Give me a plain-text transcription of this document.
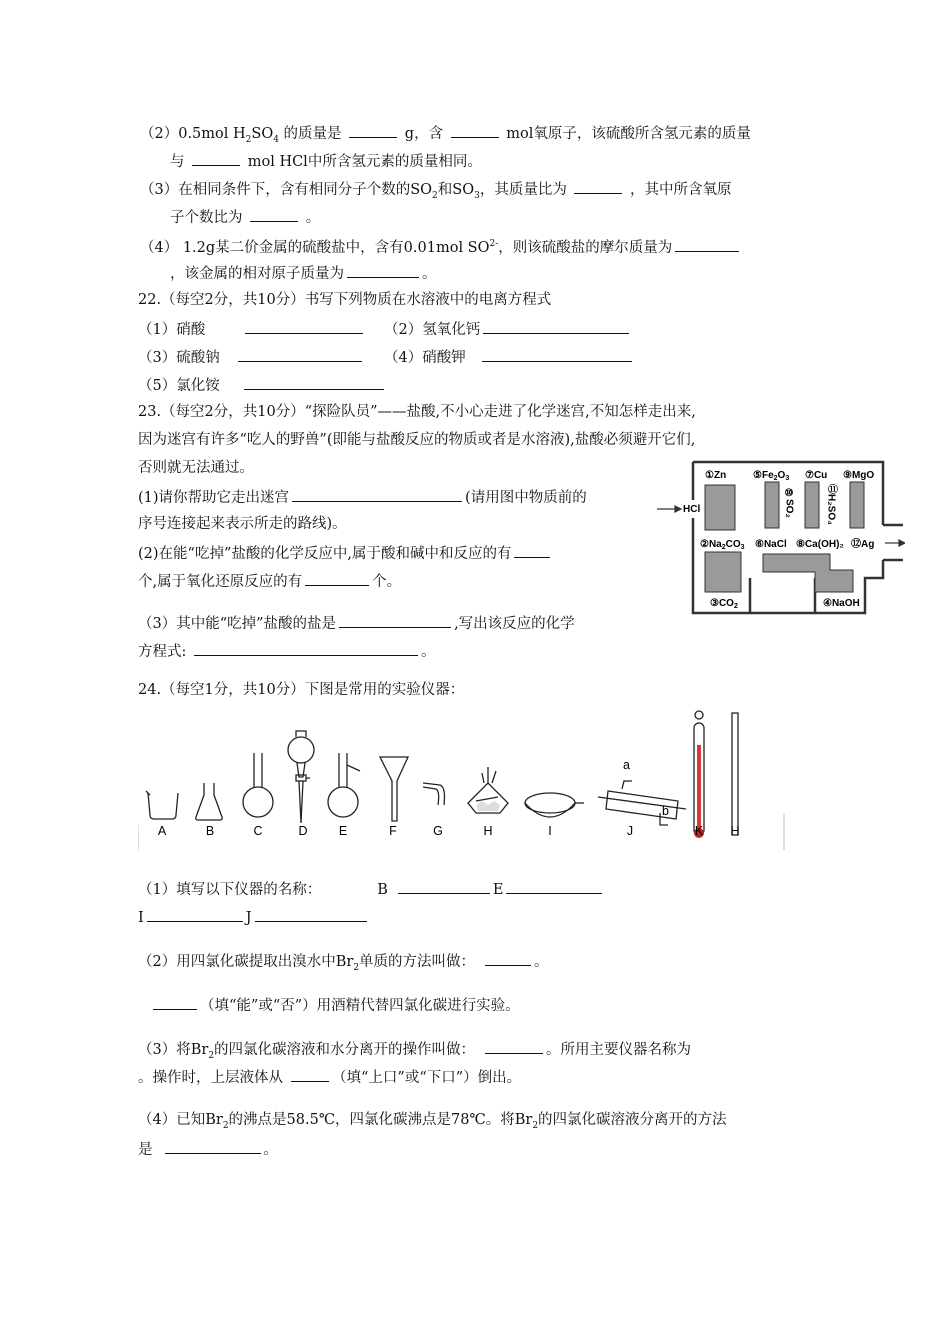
（2）0.5mol $H_2SO_4$ 的质量是	g，含	mol氧原子，该硫酸所含氢元素的质量
与	mol HCl中所含氢元素的质量相同。
（3）在相同条件下，含有相同分子个数的$SO_2$和$SO_3$，其质量比为	，其中所含氧原
子个数比为	。
（4） 1.2g某二价金属的硫酸盐中，含有0.01mol $SO^{2-}$，则该硫酸盐的摩尔质量为
，该金属的相对原子质量为	。
22.（每空2分，共10分）书写下列物质在水溶液中的电离方程式
（1）硝酸	（2）氢氧化钙
（3）硫酸钠	（4）硝酸钾
（5）氯化铵
23.（每空2分，共10分）“探险队员”——盐酸,不小心走进了化学迷宫,不知怎样走出来,
因为迷宫有许多“吃人的野兽”(即能与盐酸反应的物质或者是水溶液),盐酸必须避开它们,
否则就无法通过。
(1)请你帮助它走出迷宫	(请用图中物质前的
序号连接起来表示所走的路线)。
(2)在能“吃掉”盐酸的化学反应中,属于酸和碱中和反应的有
个,属于氧化还原反应的有	个。
（3）其中能“吃掉”盐酸的盐是	,写出该反应的化学
方程式:	。
HCl
①Zn	$⑤Fe_2O_3$ ⑦Cu ⑨MgO
⑩SO₂	⑪H₂SO₄
$②Na_2CO_3$ ⑥NaCl ⑧Ca(OH)₂ ⑫Ag
$③CO_2$	④NaOH
24.（每空1分，共10分）下图是常用的实验仪器：
a
b
A	B	C	D	E	F	G	H	I	J	K H
（1）填写以下仪器的名称：	B	E
I	J
（2）用四氯化碳提取出溴水中$Br_2$单质的方法叫做：	。
（填“能”或“否”）用酒精代替四氯化碳进行实验。
（3）将$Br_2$的四氯化碳溶液和水分离开的操作叫做：	。所用主要仪器名称为
。操作时，上层液体从	（填“上口”或“下口”）倒出。
（4）已知$Br_2$的沸点是58.5℃，四氯化碳沸点是78℃。将$Br_2$的四氯化碳溶液分离开的方法
是	。
